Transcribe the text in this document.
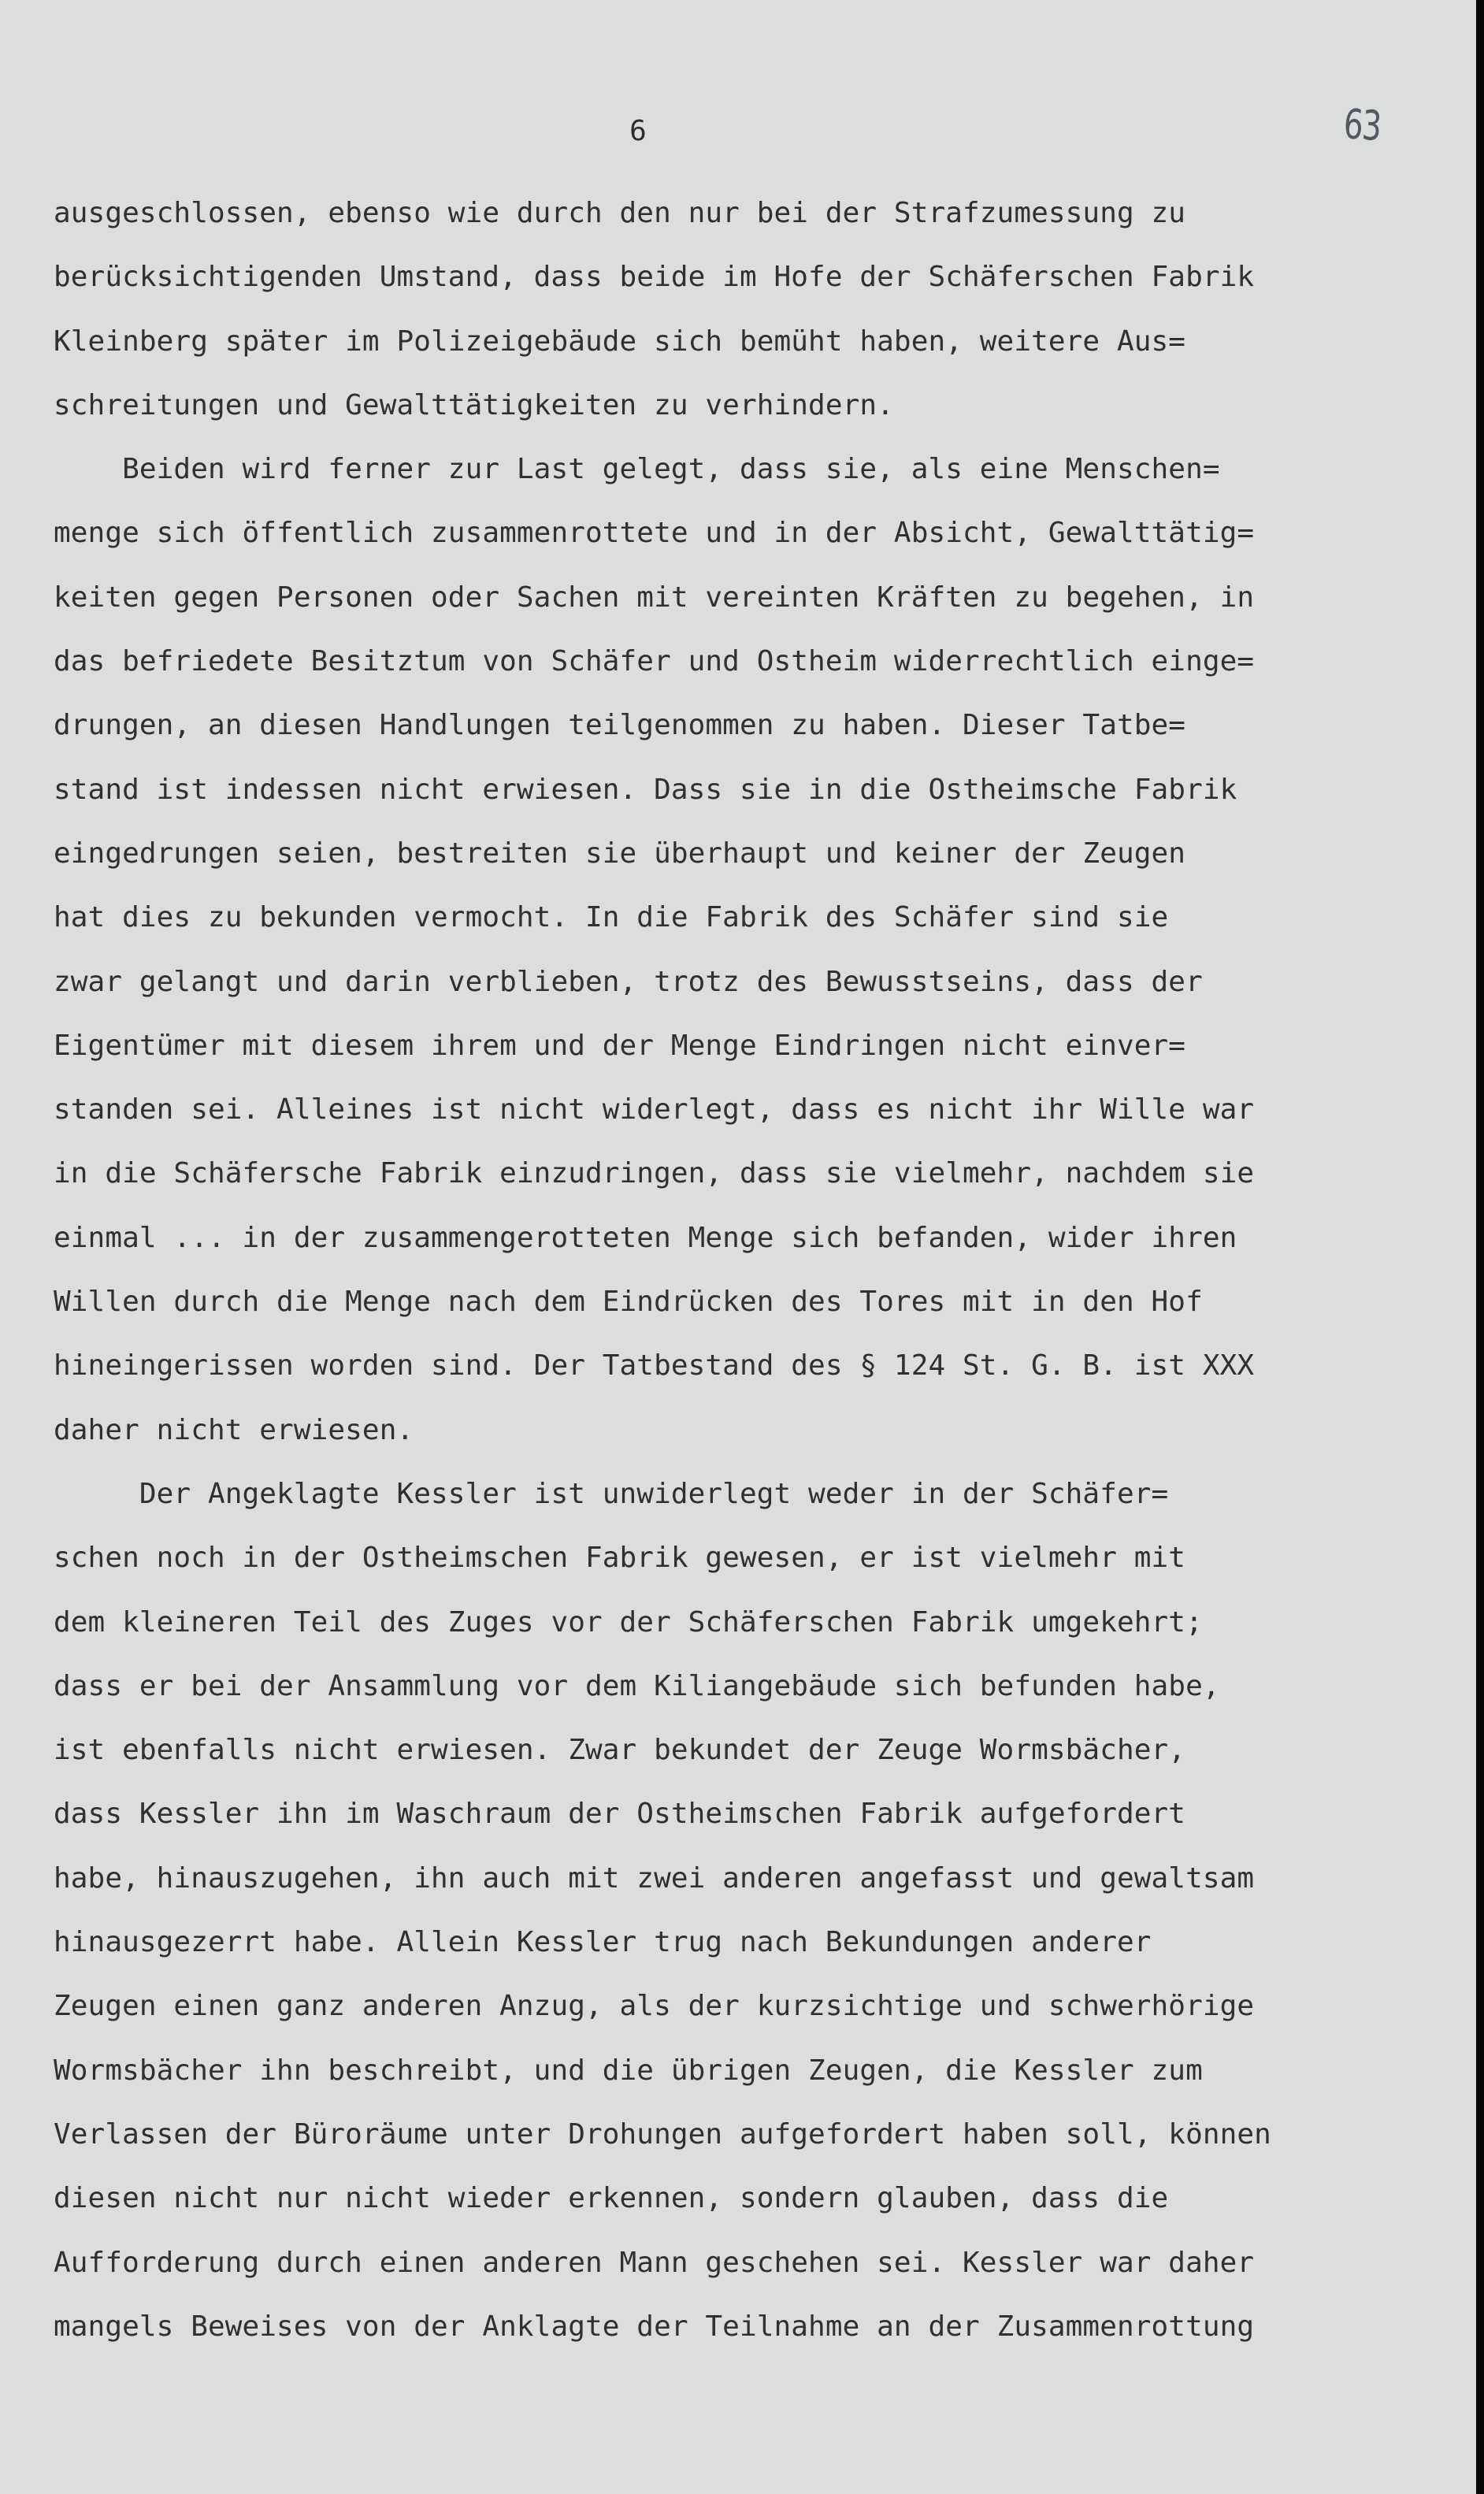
6	63
ausgeschlossen, ebenso wie durch den nur bei der Strafzumessung zu
berücksichtigenden Umstand, dass beide im Hofe der Schäferschen Fabrik
Kleinberg später im Polizeigebäude sich bemüht haben, weitere Aus=
schreitungen und Gewalttätigkeiten zu verhindern.
Beiden wird ferner zur Last gelegt, dass sie, als eine Menschen=
menge sich öffentlich zusammenrottete und in der Absicht, Gewalttätig=
keiten gegen Personen oder Sachen mit vereinten Kräften zu begehen, in
das befriedete Besitztum von Schäfer und Ostheim widerrechtlich einge=
drungen, an diesen Handlungen teilgenommen zu haben. Dieser Tatbe=
stand ist indessen nicht erwiesen. Dass sie in die Ostheimsche Fabrik
eingedrungen seien, bestreiten sie überhaupt und keiner der Zeugen
hat dies zu bekunden vermocht. In die Fabrik des Schäfer sind sie
zwar gelangt und darin verblieben, trotz des Bewusstseins, dass der
Eigentümer mit diesem ihrem und der Menge Eindringen nicht einver=
standen sei. Alleines ist nicht widerlegt, dass es nicht ihr Wille war
in die Schäfersche Fabrik einzudringen, dass sie vielmehr, nachdem sie
einmal ... in der zusammengerotteten Menge sich befanden, wider ihren
Willen durch die Menge nach dem Eindrücken des Tores mit in den Hof
hineingerissen worden sind. Der Tatbestand des § 124 St. G. B. ist XXX
daher nicht erwiesen.
Der Angeklagte Kessler ist unwiderlegt weder in der Schäfer=
schen noch in der Ostheimschen Fabrik gewesen, er ist vielmehr mit
dem kleineren Teil des Zuges vor der Schäferschen Fabrik umgekehrt;
dass er bei der Ansammlung vor dem Kiliangebäude sich befunden habe,
ist ebenfalls nicht erwiesen. Zwar bekundet der Zeuge Wormsbächer,
dass Kessler ihn im Waschraum der Ostheimschen Fabrik aufgefordert
habe, hinauszugehen, ihn auch mit zwei anderen angefasst und gewaltsam
hinausgezerrt habe. Allein Kessler trug nach Bekundungen anderer
Zeugen einen ganz anderen Anzug, als der kurzsichtige und schwerhörige
Wormsbächer ihn beschreibt, und die übrigen Zeugen, die Kessler zum
Verlassen der Büroräume unter Drohungen aufgefordert haben soll, können
diesen nicht nur nicht wieder erkennen, sondern glauben, dass die
Aufforderung durch einen anderen Mann geschehen sei. Kessler war daher
mangels Beweises von der Anklagte der Teilnahme an der Zusammenrottung
